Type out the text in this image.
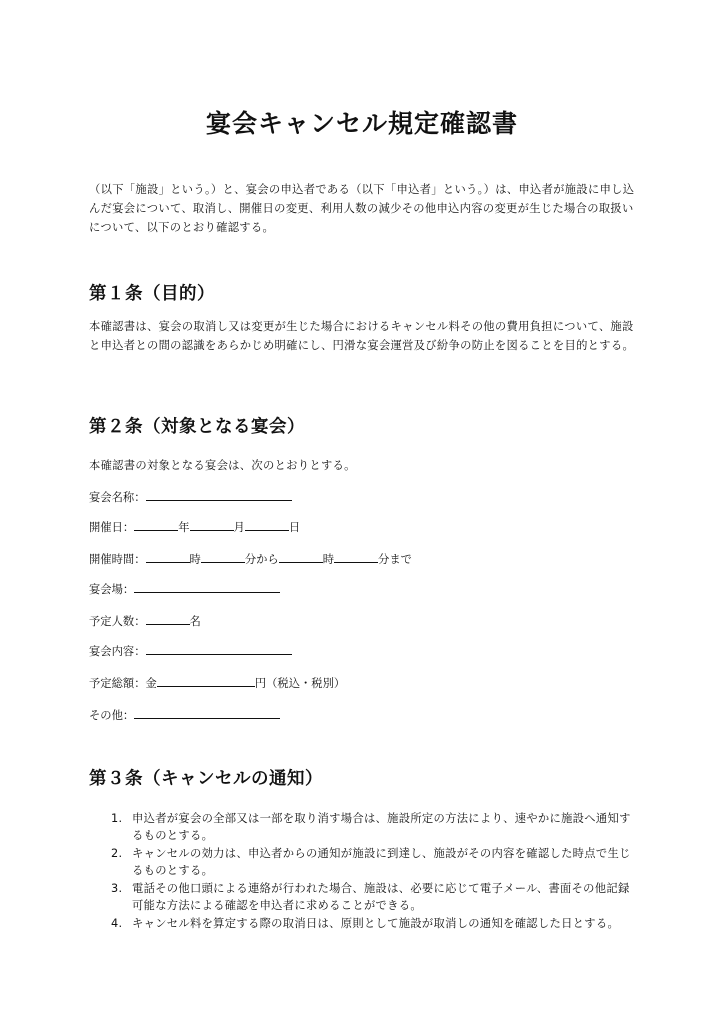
宴会キャンセル規定確認書

（以下「施設」という。）と、宴会の申込者である（以下「申込者」という。）は、申込者が施設に申し込んだ宴会について、取消し、開催日の変更、利用人数の減少その他申込内容の変更が生じた場合の取扱いについて、以下のとおり確認する。

第１条（目的）

本確認書は、宴会の取消し又は変更が生じた場合におけるキャンセル料その他の費用負担について、施設と申込者との間の認識をあらかじめ明確にし、円滑な宴会運営及び紛争の防止を図ることを目的とする。

第２条（対象となる宴会）

本確認書の対象となる宴会は、次のとおりとする。

宴会名称：
開催日：	年	月	日
開催時間：	時	分から	時	分まで
宴会場：
予定人数：	名
宴会内容：
予定総額：金	円（税込・税別）
その他：
第３条（キャンセルの通知）
1. 申込者が宴会の全部又は一部を取り消す場合は、施設所定の方法により、速やかに施設へ通知するものとする。
2. キャンセルの効力は、申込者からの通知が施設に到達し、施設がその内容を確認した時点で生じるものとする。
3. 電話その他口頭による連絡が行われた場合、施設は、必要に応じて電子メール、書面その他記録可能な方法による確認を申込者に求めることができる。
4. キャンセル料を算定する際の取消日は、原則として施設が取消しの通知を確認した日とする。
